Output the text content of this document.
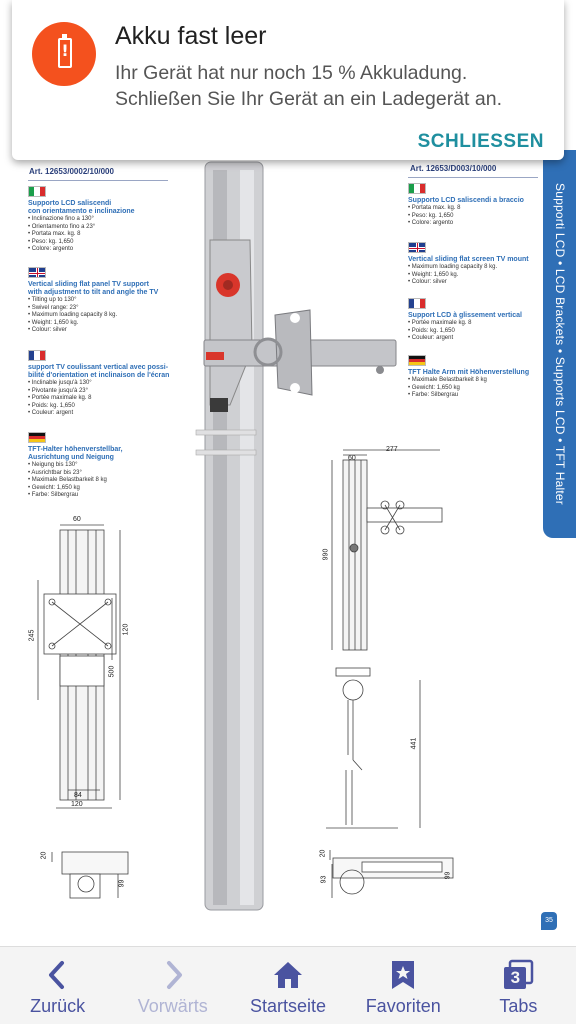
60
245
120
500
84
120
20
99
60
277
990
441
20
93
99
Art. 12653/0002/10/000	Art. 12653/D003/10/000
Supporto LCD saliscendi
con orientamento e inclinazione
• Inclinazione fino a 130°
• Orientamento fino a 23°
• Portata max. kg. 8
• Peso: kg. 1,650
• Colore: argento
Vertical sliding flat panel TV support
with adjustment to tilt and angle the TV
• Tilting up to 130°
• Swivel range: 23°
• Maximum loading capacity 8 kg.
• Weight: 1,650 kg.
• Colour: silver
support TV coulissant vertical avec possi-
bilité d'orientation et inclinaison de l'écran
• Inclinable jusqu'à 130°
• Pivotante jusqu'à 23°
• Portée maximale kg. 8
• Poids: kg. 1,650
• Couleur: argent
TFT-Halter höhenverstellbar,
Ausrichtung und Neigung
• Neigung bis 130°
• Ausrichtbar bis 23°
• Maximale Belastbarkeit 8 kg
• Gewicht: 1,650 kg
• Farbe: Silbergrau
Supporto LCD saliscendi a braccio
• Portata max. kg. 8
• Peso: kg. 1,650
• Colore: argento
Vertical sliding flat screen TV mount
• Maximum loading capacity 8 kg.
• Weight: 1,650 kg.
• Colour: silver
Support LCD à glissement vertical
• Portée maximale kg. 8
• Poids: kg. 1,650
• Couleur: argent
TFT Halte Arm mit Höhenverstellung
• Maximale Belastbarkeit 8 kg
• Gewicht: 1,650 kg
• Farbe: Silbergrau	Supporti LCD • LCD Brackets • Supports LCD • TFT Halter
35
!
Akku fast leer
Ihr Gerät hat nur noch 15 % Akkuladung. Schließen Sie Ihr Gerät an ein Ladegerät an.
SCHLIESSEN
Zurück	Vorwärts	Startseite	Favoriten
3
Tabs
